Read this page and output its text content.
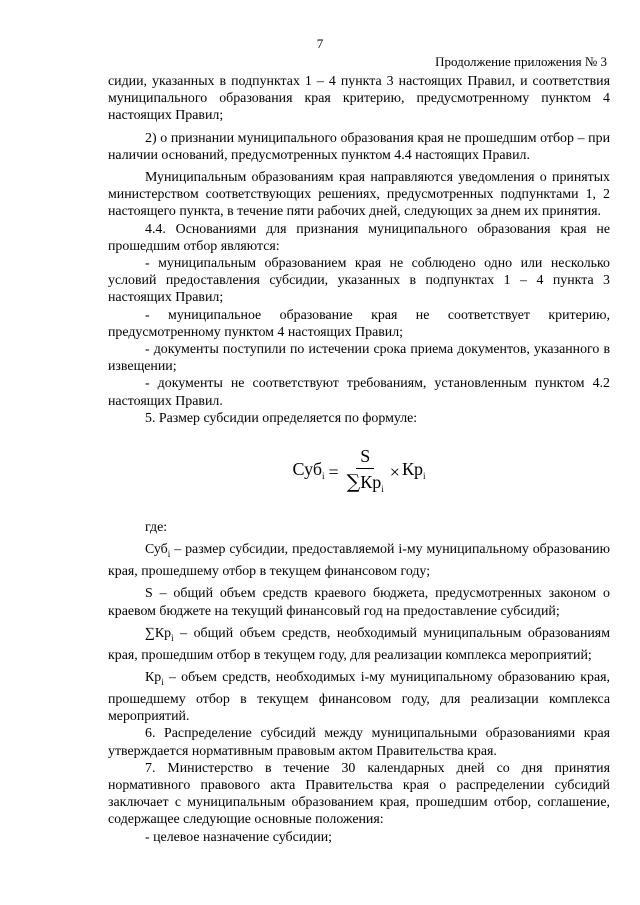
7
Продолжение приложения № 3

сидии, указанных в подпунктах 1 – 4 пункта 3 настоящих Правил, и соответствия муниципального образования края критерию, предусмотренному пунктом 4 настоящих Правил;

2) о признании муниципального образования края не прошедшим отбор – при наличии оснований, предусмотренных пунктом 4.4 настоящих Правил.

Муниципальным образованиям края направляются уведомления о принятых министерством соответствующих решениях, предусмотренных подпунктами 1, 2 настоящего пункта, в течение пяти рабочих дней, следующих за днем их принятия.

4.4. Основаниями для признания муниципального образования края не прошедшим отбор являются:

- муниципальным образованием края не соблюдено одно или несколько условий предоставления субсидии, указанных в подпунктах 1 – 4 пункта 3 настоящих Правил;

- муниципальное образование края не соответствует критерию, предусмотренному пунктом 4 настоящих Правил;

- документы поступили по истечении срока приема документов, указанного в извещении;

- документы не соответствуют требованиям, установленным пунктом 4.2 настоящих Правил.

5. Размер субсидии определяется по формуле:

$Суб_i = \frac{S}{\sum Кр_i} \times Кр_i$

где:

Суб$_i$ – размер субсидии, предоставляемой i-му муниципальному образованию края, прошедшему отбор в текущем финансовом году;

S – общий объем средств краевого бюджета, предусмотренных законом о краевом бюджете на текущий финансовый год на предоставление субсидий;

$\sum Кр_i$ – общий объем средств, необходимый муниципальным образованиям края, прошедшим отбор в текущем году, для реализации комплекса мероприятий;

$Кр_i$ – объем средств, необходимых i-му муниципальному образованию края, прошедшему отбор в текущем финансовом году, для реализации комплекса мероприятий.

6. Распределение субсидий между муниципальными образованиями края утверждается нормативным правовым актом Правительства края.

7. Министерство в течение 30 календарных дней со дня принятия нормативного правового акта Правительства края о распределении субсидий заключает с муниципальным образованием края, прошедшим отбор, соглашение, содержащее следующие основные положения:

- целевое назначение субсидии;
